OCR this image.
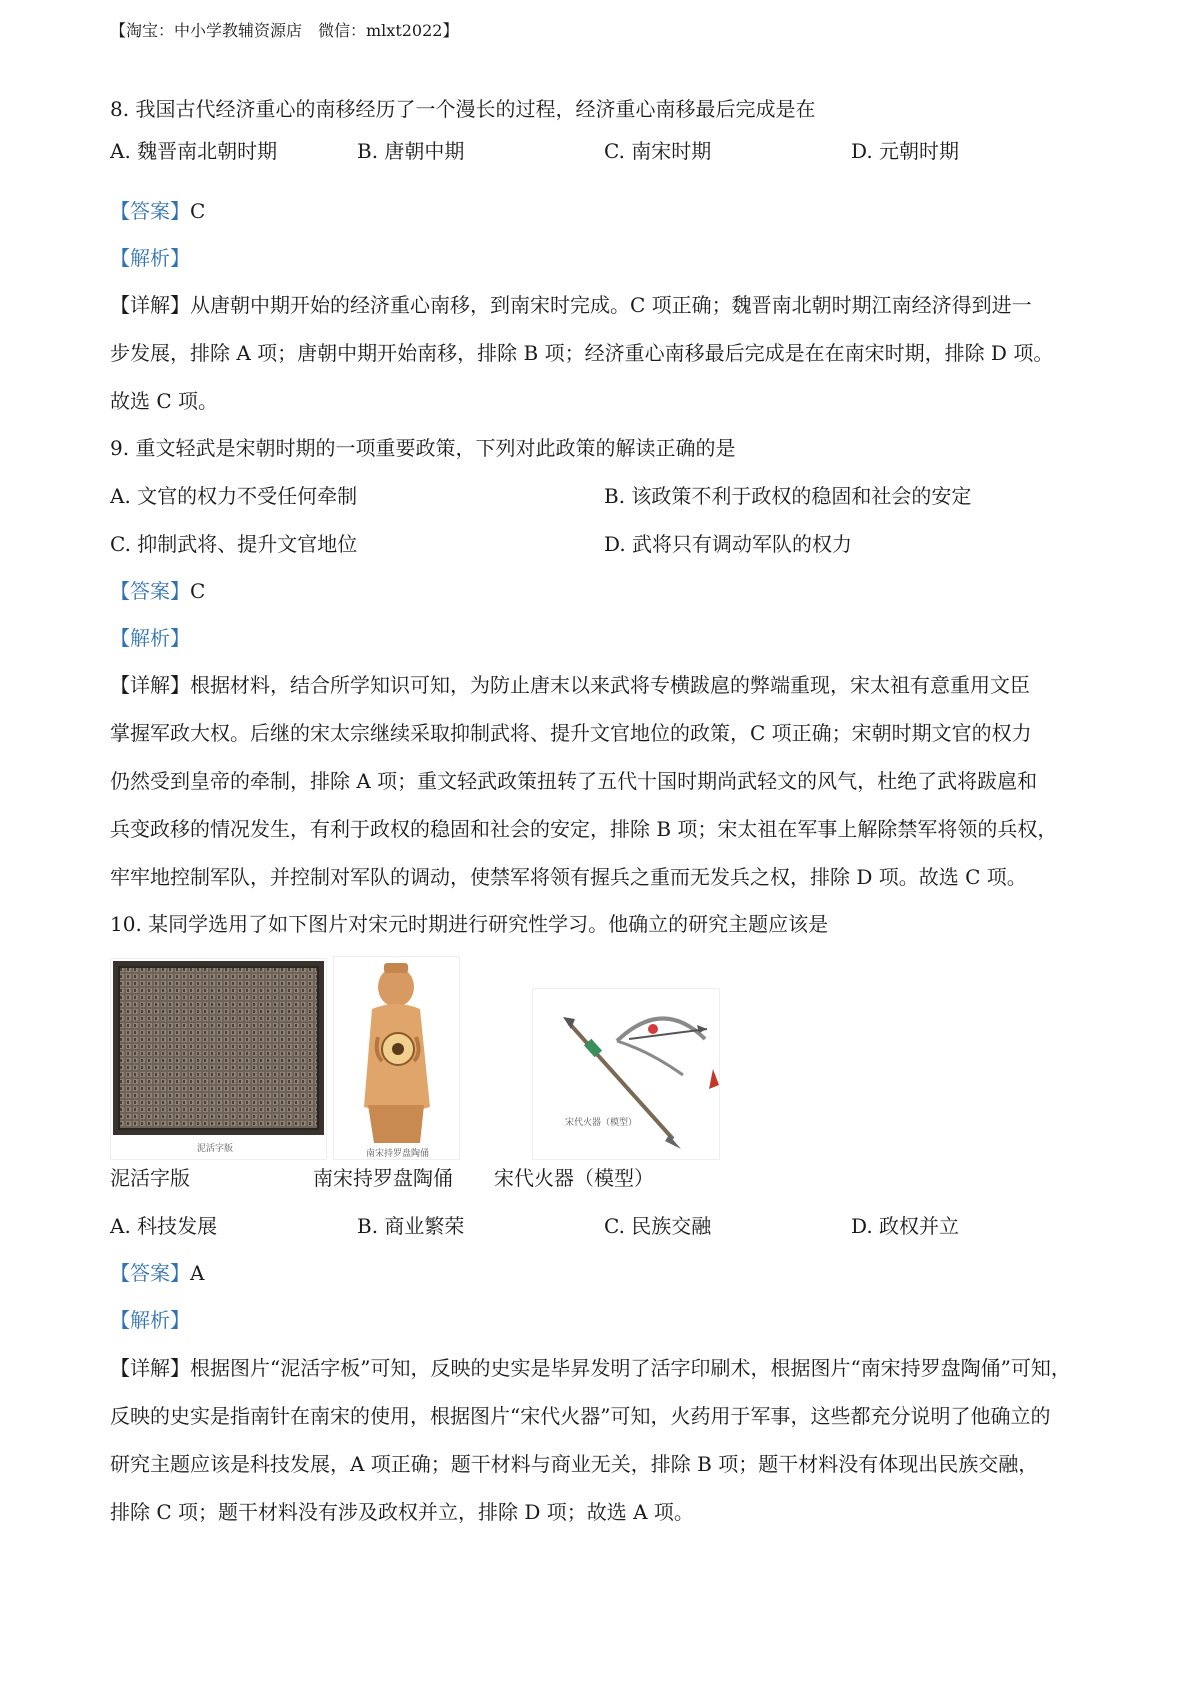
【淘宝：中小学教辅资源店　微信：mlxt2022】
8. 我国古代经济重心的南移经历了一个漫长的过程，经济重心南移最后完成是在
A. 魏晋南北朝时期	B. 唐朝中期	C. 南宋时期	D. 元朝时期
【答案】C
【解析】
【详解】从唐朝中期开始的经济重心南移，到南宋时完成。C 项正确；魏晋南北朝时期江南经济得到进一
步发展，排除 A 项；唐朝中期开始南移，排除 B 项；经济重心南移最后完成是在在南宋时期，排除 D 项。
故选 C 项。
9. 重文轻武是宋朝时期的一项重要政策，下列对此政策的解读正确的是
A. 文官的权力不受任何牵制	B. 该政策不利于政权的稳固和社会的安定
C. 抑制武将、提升文官地位	D. 武将只有调动军队的权力
【答案】C
【解析】
【详解】根据材料，结合所学知识可知，为防止唐末以来武将专横跋扈的弊端重现，宋太祖有意重用文臣
掌握军政大权。后继的宋太宗继续采取抑制武将、提升文官地位的政策，C 项正确；宋朝时期文官的权力
仍然受到皇帝的牵制，排除 A 项；重文轻武政策扭转了五代十国时期尚武轻文的风气，杜绝了武将跋扈和
兵变政移的情况发生，有利于政权的稳固和社会的安定，排除 B 项；宋太祖在军事上解除禁军将领的兵权，
牢牢地控制军队，并控制对军队的调动，使禁军将领有握兵之重而无发兵之权，排除 D 项。故选 C 项。
10. 某同学选用了如下图片对宋元时期进行研究性学习。他确立的研究主题应该是
泥活字版	南宋持罗盘陶俑
宋代火器（模型）
泥活字版	南宋持罗盘陶俑 宋代火器（模型）
A. 科技发展	B. 商业繁荣	C. 民族交融	D. 政权并立
【答案】A
【解析】
【详解】根据图片“泥活字板”可知，反映的史实是毕昇发明了活字印刷术，根据图片“南宋持罗盘陶俑”可知，
反映的史实是指南针在南宋的使用，根据图片“宋代火器”可知，火药用于军事，这些都充分说明了他确立的
研究主题应该是科技发展，A 项正确；题干材料与商业无关，排除 B 项；题干材料没有体现出民族交融，
排除 C 项；题干材料没有涉及政权并立，排除 D 项；故选 A 项。
